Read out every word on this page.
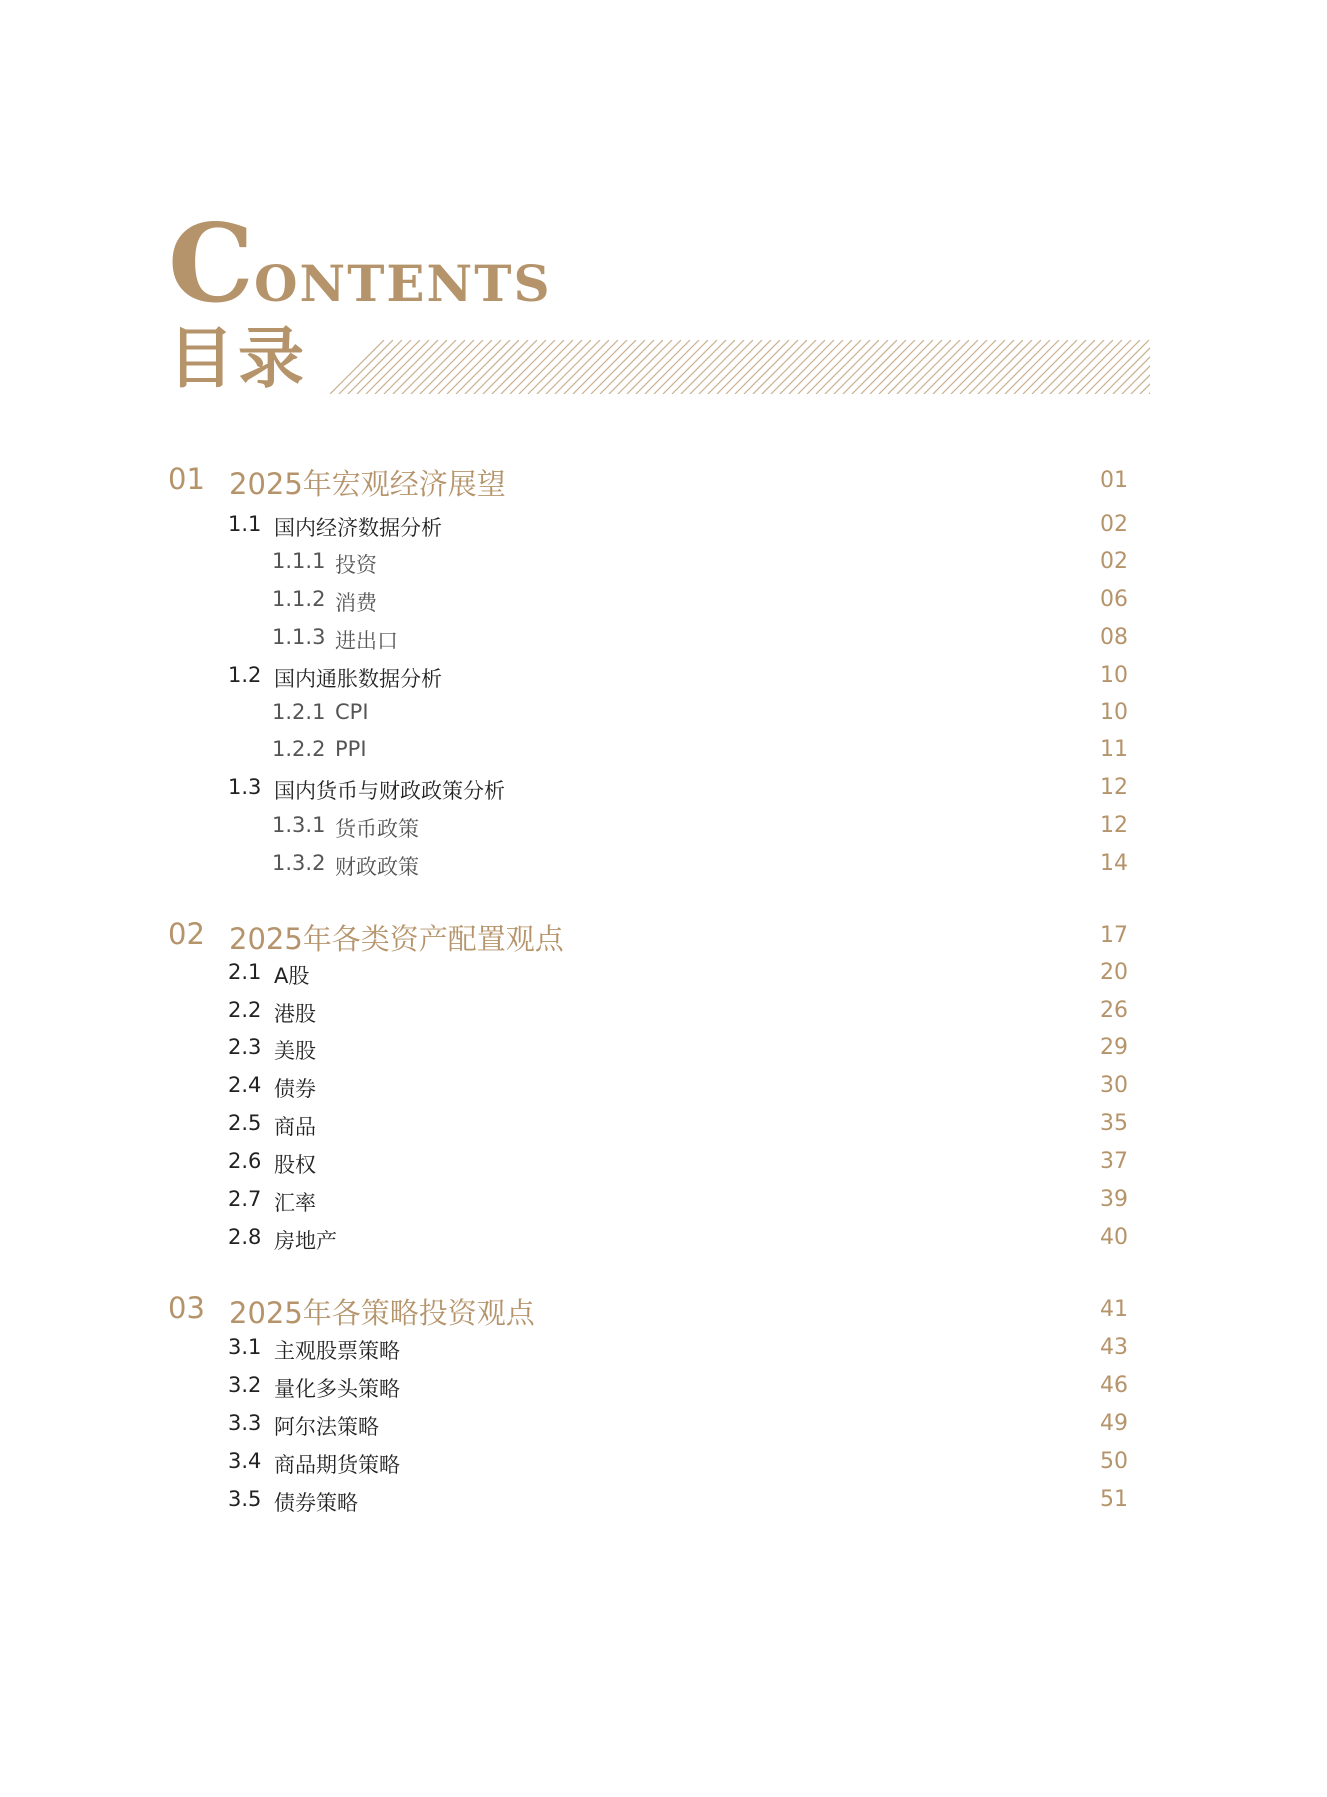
CONTENTS
目录
01 2025年宏观经济展望	01
1.1 国内经济数据分析	02
1.1.1 投资	02
1.1.2 消费	06
1.1.3 进出口	08
1.2 国内通胀数据分析	10
1.2.1 CPI	10
1.2.2 PPI	11
1.3 国内货币与财政政策分析	12
1.3.1 货币政策	12
1.3.2 财政政策	14
02 2025年各类资产配置观点	17
2.1 A股	20
2.2 港股	26
2.3 美股	29
2.4 债券	30
2.5 商品	35
2.6 股权	37
2.7 汇率	39
2.8 房地产	40
03 2025年各策略投资观点	41
3.1 主观股票策略	43
3.2 量化多头策略	46
3.3 阿尔法策略	49
3.4 商品期货策略	50
3.5 债券策略	51
